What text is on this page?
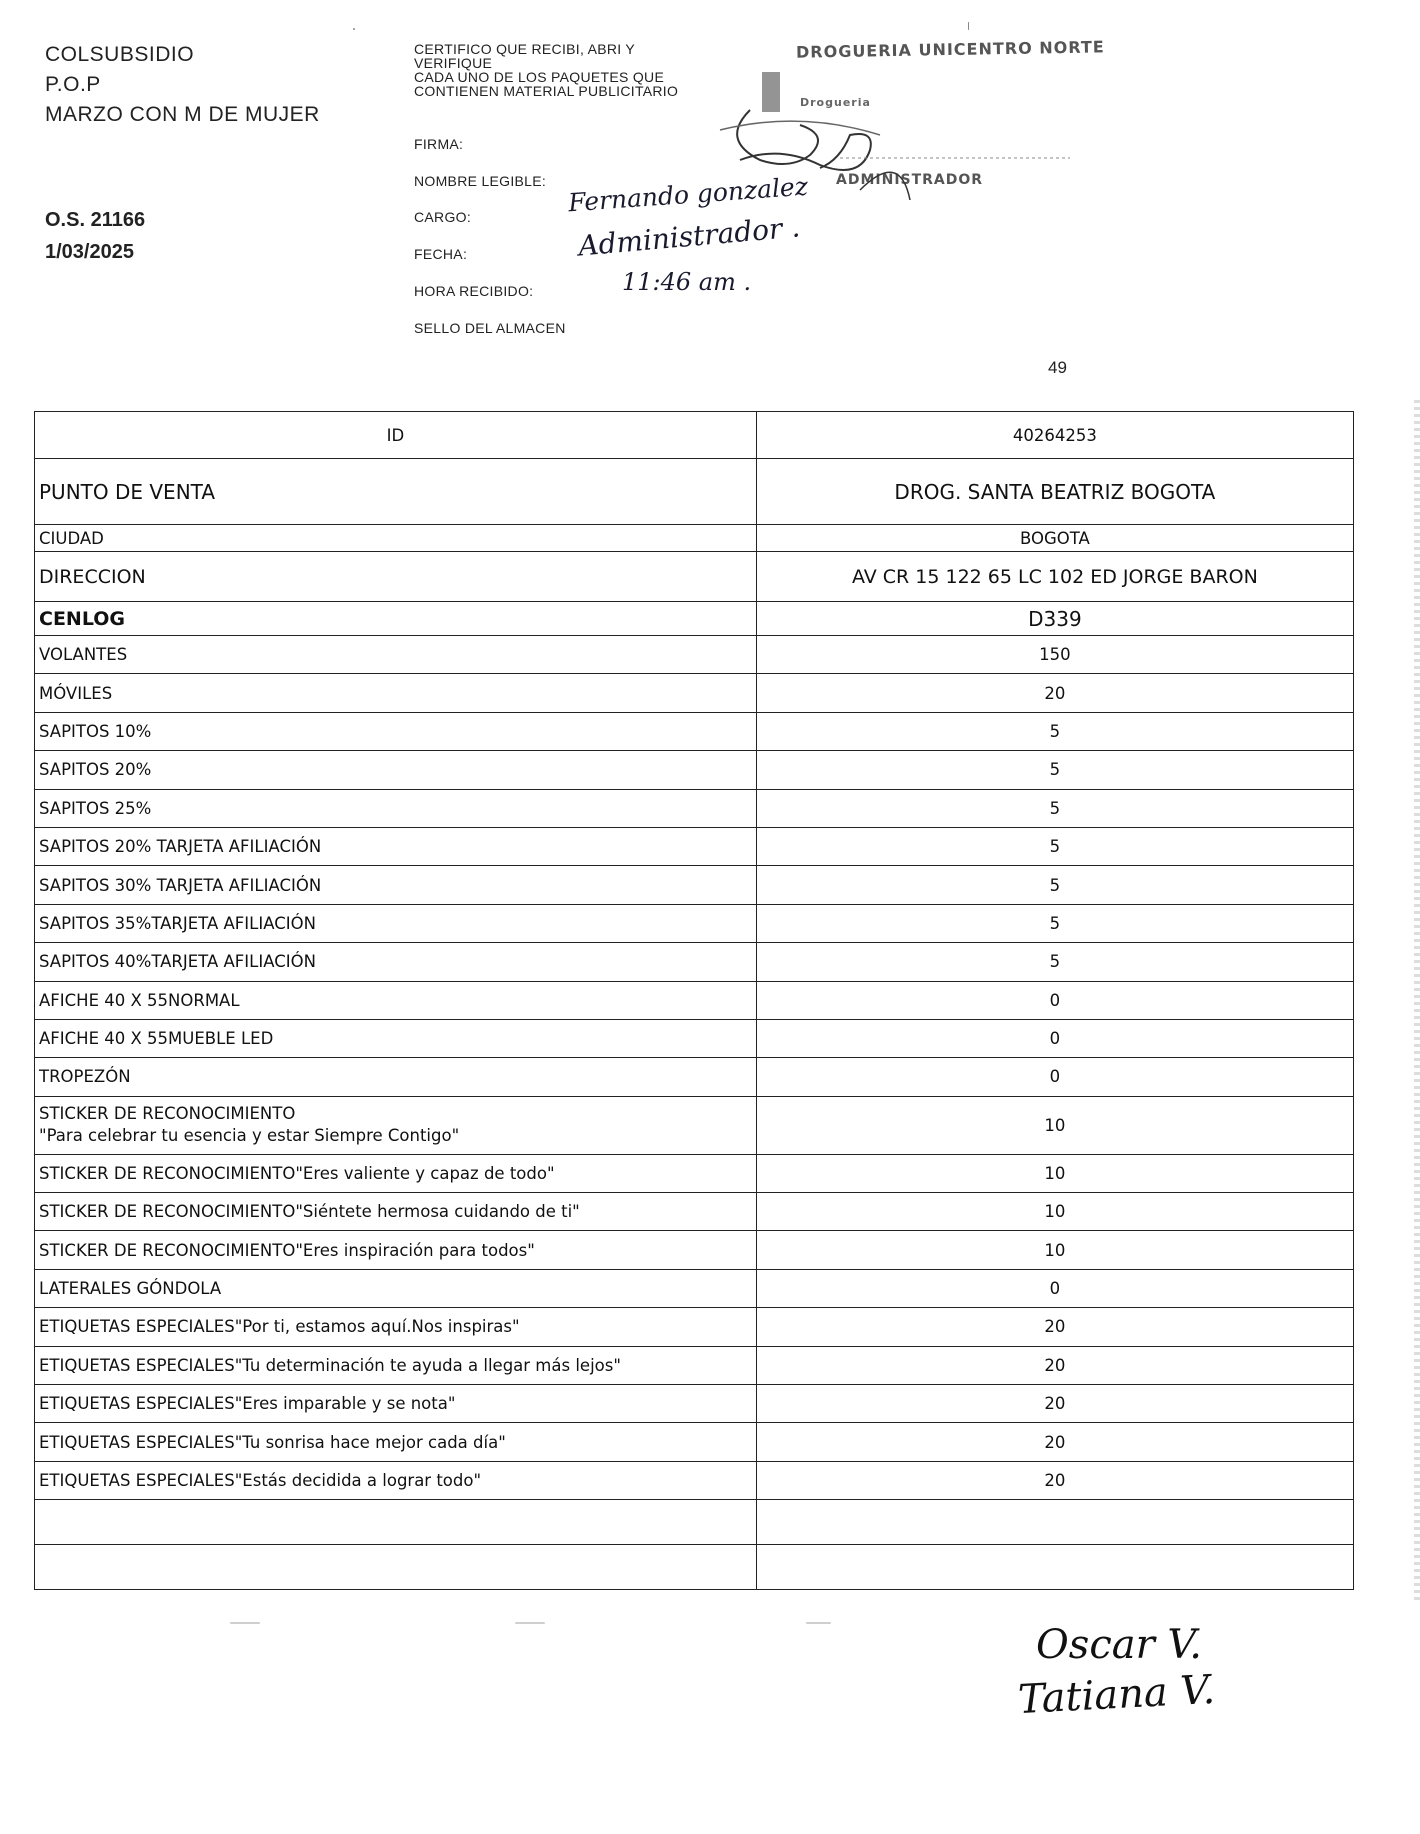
COLSUBSIDIO
P.O.P
MARZO CON M DE MUJER
O.S. 21166
1/03/2025
CERTIFICO QUE RECIBI, ABRI Y
VERIFIQUE
CADA UNO DE LOS PAQUETES QUE
CONTIENEN MATERIAL PUBLICITARIO
FIRMA:
NOMBRE LEGIBLE:
CARGO:
FECHA:
HORA RECIBIDO:
SELLO DEL ALMACEN
Fernando gonzalez
Administrador .
11:46 am .
DROGUERIA UNICENTRO NORTE
ADMINISTRADOR
Drogueria
49
ID	40264253
PUNTO DE VENTA	DROG. SANTA BEATRIZ BOGOTA
CIUDAD	BOGOTA
DIRECCION	AV CR 15 122 65 LC 102 ED JORGE BARON
CENLOG	D339
VOLANTES	150
MÓVILES	20
SAPITOS 10%	5
SAPITOS 20%	5
SAPITOS 25%	5
SAPITOS 20% TARJETA AFILIACIÓN	5
SAPITOS 30% TARJETA AFILIACIÓN	5
SAPITOS 35%TARJETA AFILIACIÓN	5
SAPITOS 40%TARJETA AFILIACIÓN	5
AFICHE 40 X 55NORMAL	0
AFICHE 40 X 55MUEBLE LED	0
TROPEZÓN	0

STICKER DE RECONOCIMIENTO
"Para celebrar tu esencia y estar Siempre Contigo"	10
STICKER DE RECONOCIMIENTO"Eres valiente y capaz de todo"	10
STICKER DE RECONOCIMIENTO"Siéntete hermosa cuidando de ti"	10
STICKER DE RECONOCIMIENTO"Eres inspiración para todos"	10
LATERALES GÓNDOLA	0
ETIQUETAS ESPECIALES"Por ti, estamos aquí.Nos inspiras"	20
ETIQUETAS ESPECIALES"Tu determinación te ayuda a llegar más lejos"	20
ETIQUETAS ESPECIALES"Eres imparable y se nota"	20
ETIQUETAS ESPECIALES"Tu sonrisa hace mejor cada día"	20
ETIQUETAS ESPECIALES"Estás decidida a lograr todo"	20

Oscar V.
Tatiana V.
